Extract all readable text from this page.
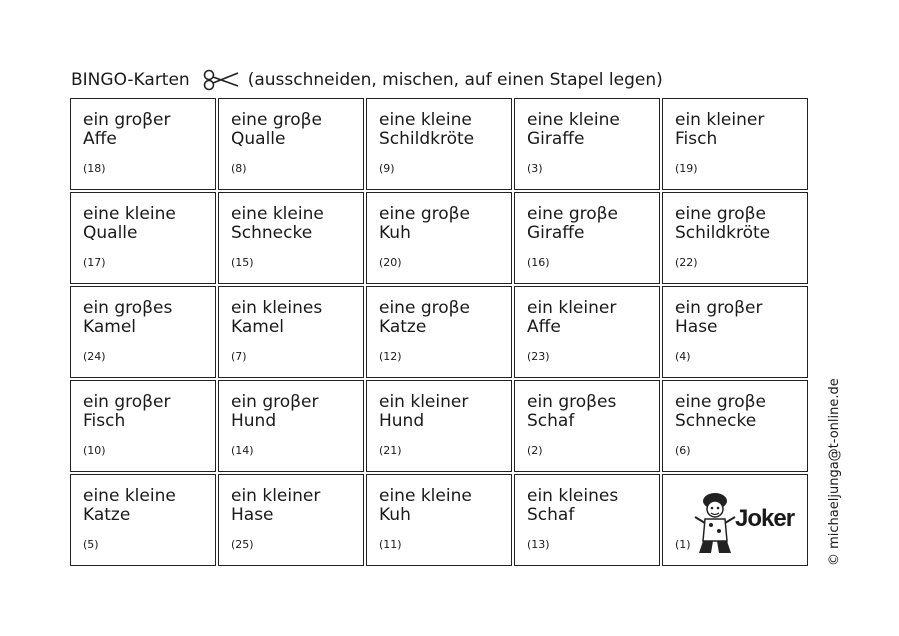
BINGO-Karten	(ausschneiden, mischen, auf einen Stapel legen)
ein groβer
Affe
(18)
eine groβe
Qualle
(8)
eine kleine
Schildkröte
(9)
eine kleine
Giraffe
(3)
ein kleiner
Fisch
(19)
eine kleine
Qualle
(17)
eine kleine
Schnecke
(15)
eine groβe
Kuh
(20)
eine groβe
Giraffe
(16)
eine groβe
Schildkröte
(22)
ein groβes
Kamel
(24)
ein kleines
Kamel
(7)
eine groβe
Katze
(12)
ein kleiner
Affe
(23)
ein groβer
Hase
(4)
ein groβer
Fisch
(10)
ein groβer
Hund
(14)
ein kleiner
Hund
(21)
ein groβes
Schaf
(2)
eine groβe
Schnecke
(6)
eine kleine
Katze
(5)
ein kleiner
Hase
(25)
eine kleine
Kuh
(11)
ein kleines
Schaf
(13)
Joker
(1)	© michaeljunga@t-online.de
